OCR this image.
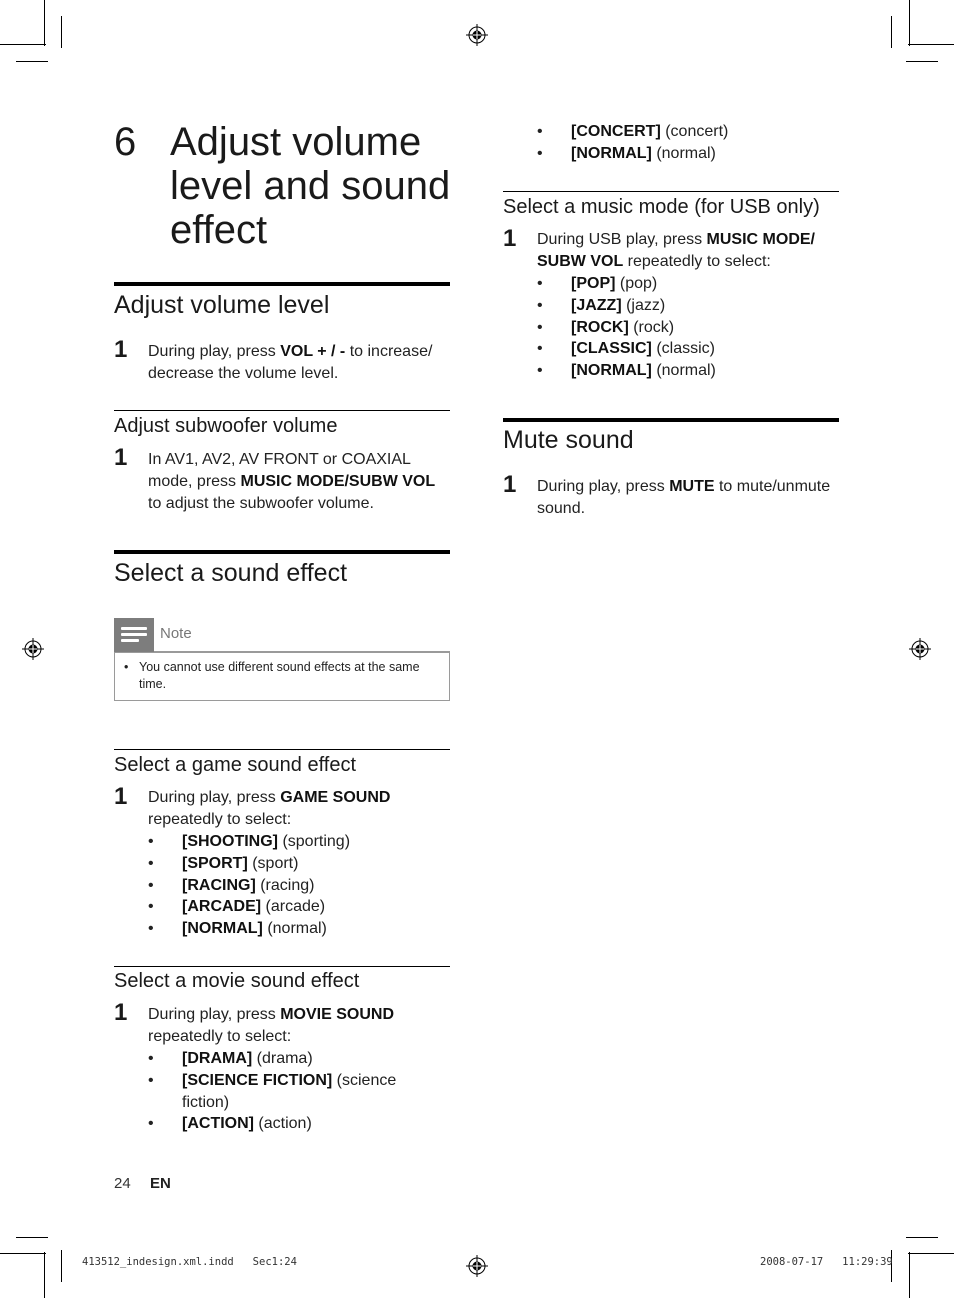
6 Adjust volume level and sound effect
Adjust volume level
1 During play, press VOL + / - to increase/ decrease the volume level.
Adjust subwoofer volume
1 In AV1, AV2, AV FRONT or COAXIAL mode, press MUSIC MODE/SUBW VOL to adjust the subwoofer volume.
Select a sound effect
Note
• You cannot use different sound effects at the same time.
Select a game sound effect
1 During play, press GAME SOUND repeatedly to select:
• [SHOOTING] (sporting)
• [SPORT] (sport)
• [RACING] (racing)
• [ARCADE] (arcade)
• [NORMAL] (normal)
Select a movie sound effect
1 During play, press MOVIE SOUND repeatedly to select:
• [DRAMA] (drama)
• [SCIENCE FICTION] (science fiction)
• [ACTION] (action)
• [CONCERT] (concert)
• [NORMAL] (normal)
Select a music mode (for USB only)
1 During USB play, press MUSIC MODE/ SUBW VOL repeatedly to select:
• [POP] (pop)
• [JAZZ] (jazz)
• [ROCK] (rock)
• [CLASSIC] (classic)
• [NORMAL] (normal)
Mute sound
1 During play, press MUTE to mute/unmute sound.
24 EN
413512_indesign.xml.indd   Sec1:24	2008-07-17   11:29:39
